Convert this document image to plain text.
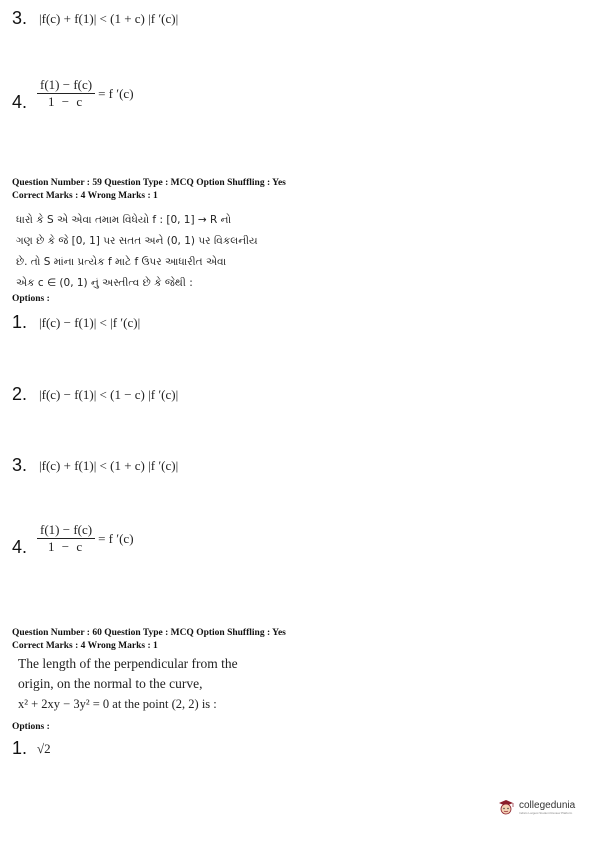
3. |f(c) + f(1)| < (1 + c) |f ′(c)|
4. $\frac{f(1) - f(c)}{1 - c} = f$ ′(c)
Question Number : 59 Question Type : MCQ Option Shuffling : Yes
Correct Marks : 4 Wrong Marks : 1
ધારો કે S એ એવા તમામ વિધેયો f : [0, 1] → R નો
ગણ છે કે જે [0, 1] પર સતત અને (0, 1) પર વિકલનીય
છે. તો S માંના પ્રત્યેક f માટે f ઉપર આધારીત એવા
એક c ∈ (0, 1) નું અસ્તીત્વ છે કે જેથી :
Options :
1. |f(c) − f(1)| < |f ′(c)|
2. |f(c) − f(1)| < (1 − c) |f ′(c)|
3. |f(c) + f(1)| < (1 + c) |f ′(c)|
4. $\frac{f(1) - f(c)}{1 - c} = f$ ′(c)
Question Number : 60 Question Type : MCQ Option Shuffling : Yes
Correct Marks : 4 Wrong Marks : 1
The length of the perpendicular from the
origin, on the normal to the curve,
x² + 2xy − 3y² = 0 at the point (2, 2) is :
Options :
1. √2
collegedunia
India's Largest Student Review Platform
